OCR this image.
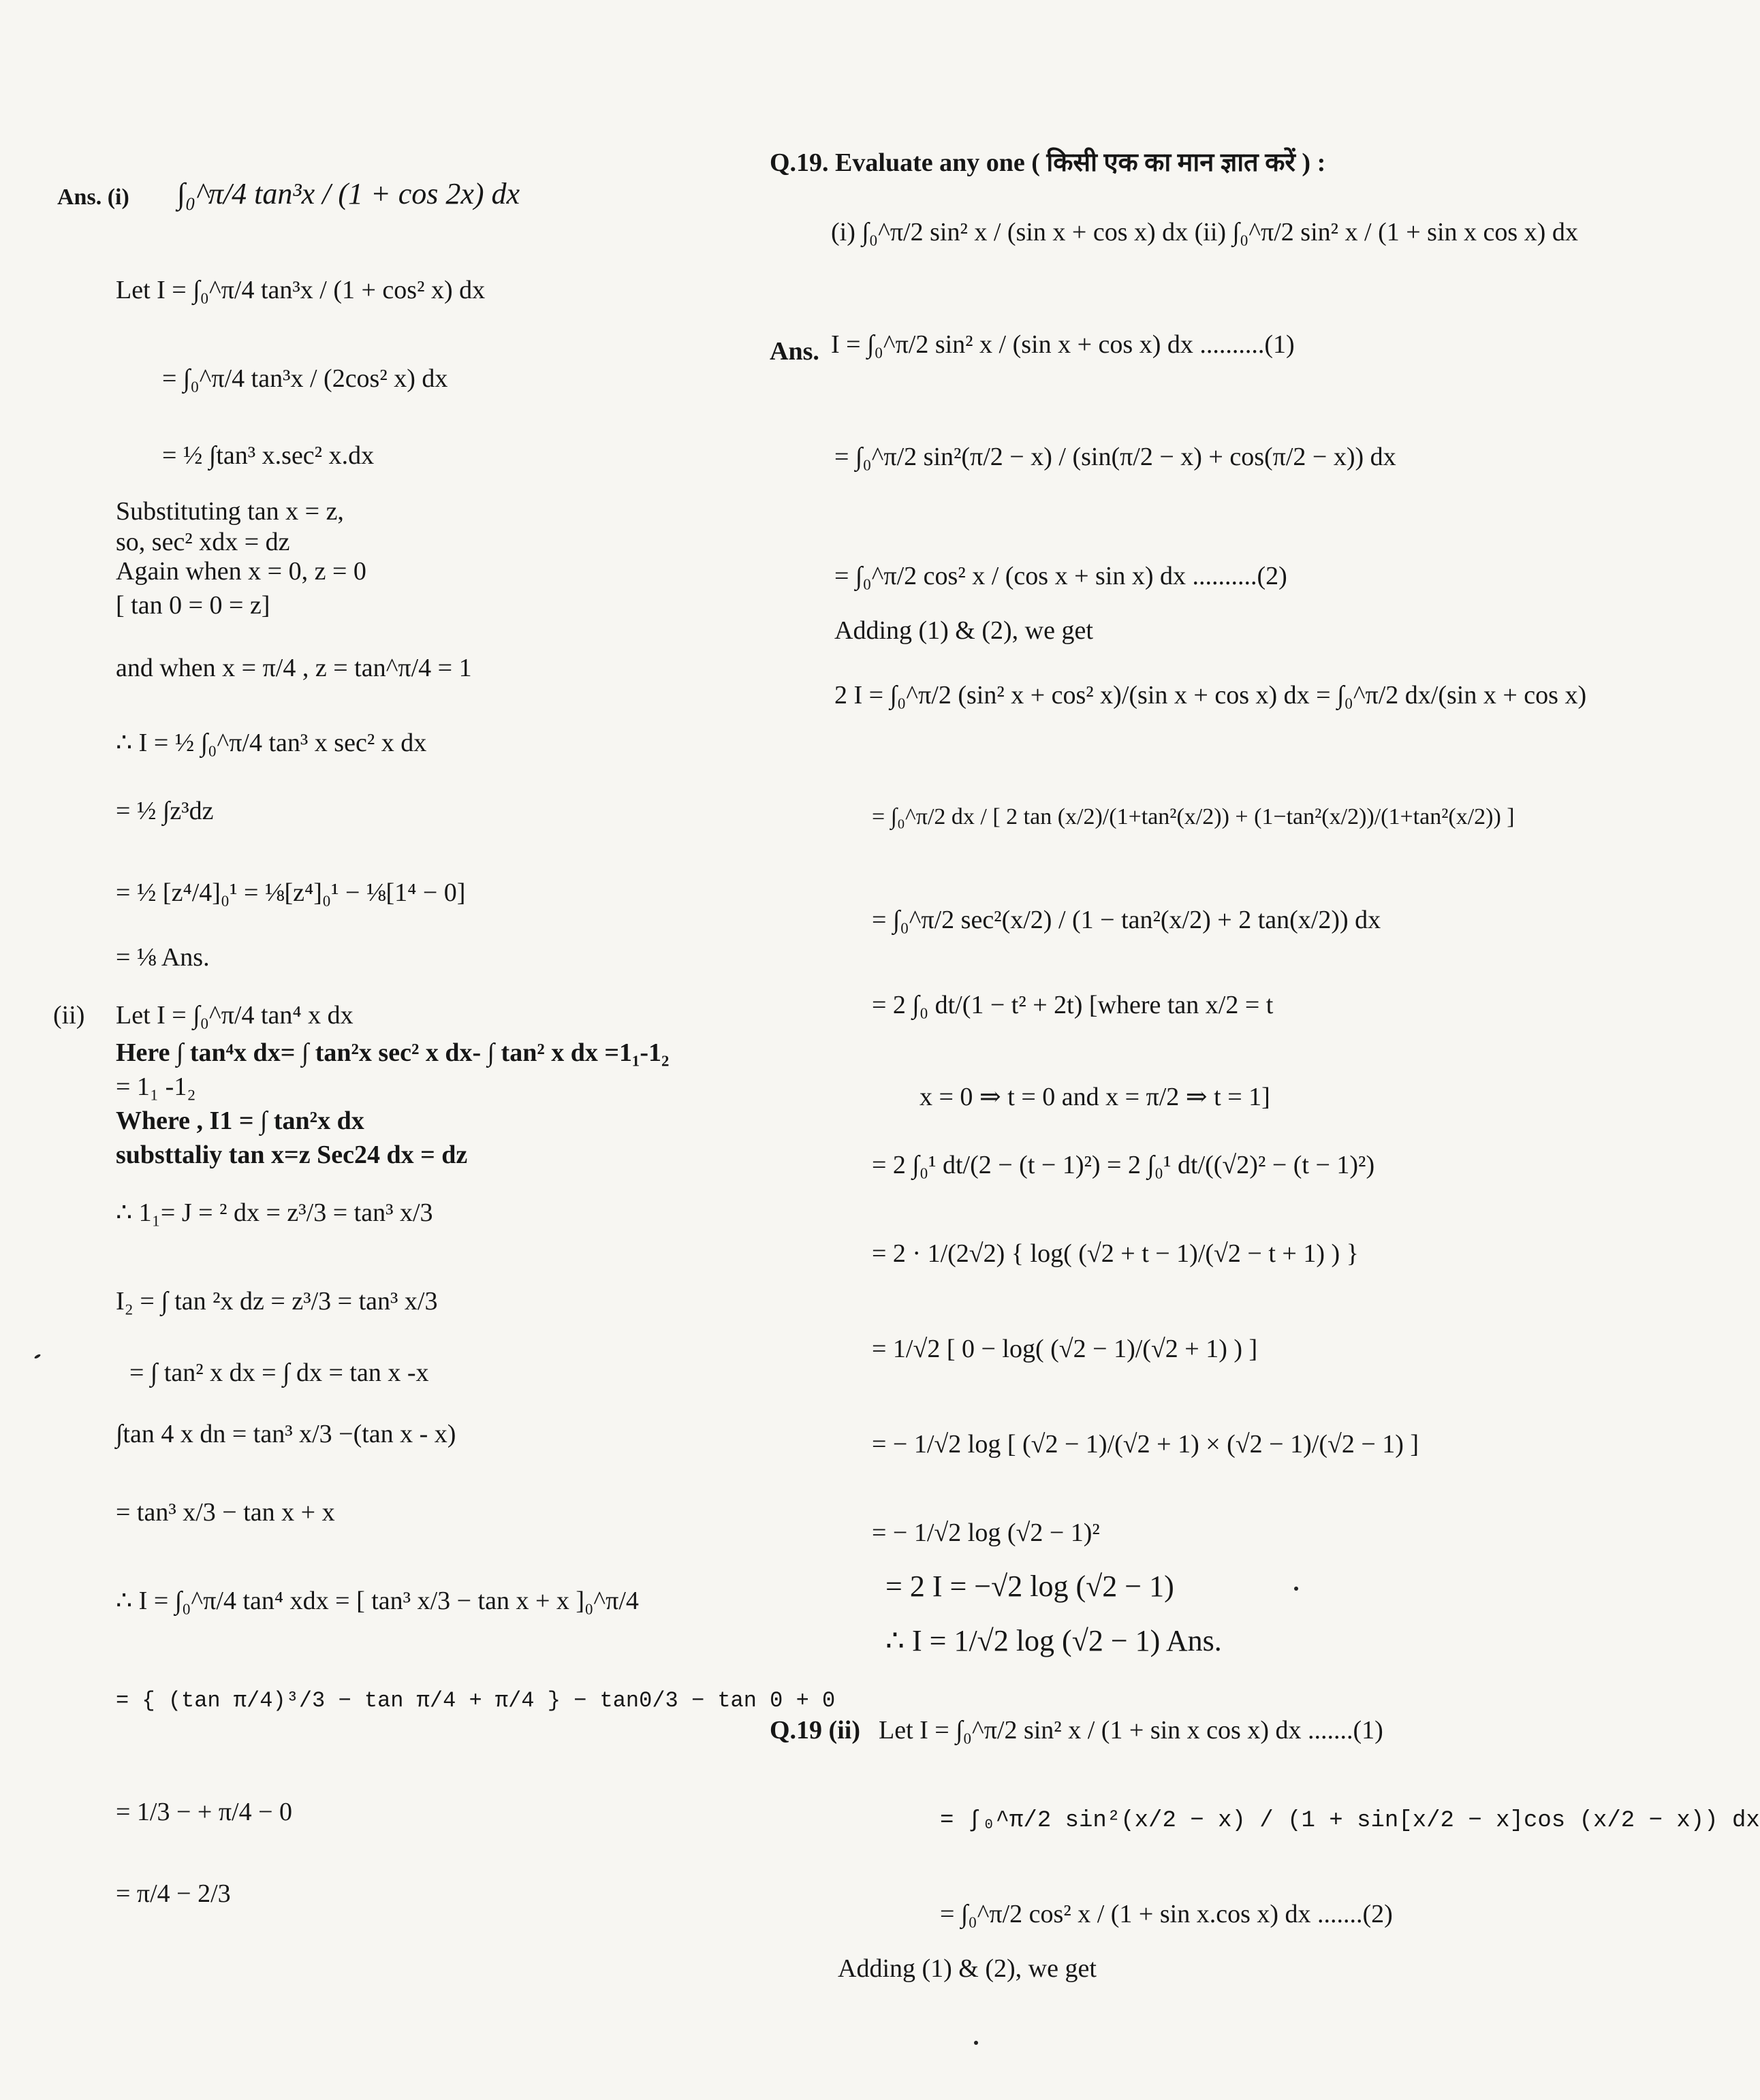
Ans. (i) ∫₀^π/4 tan³x / (1 + cos 2x) dx
Let I = ∫₀^π/4 tan³x / (1 + cos² x) dx
= ∫₀^π/4 tan³x / (2cos² x) dx
= ½ ∫tan³ x.sec² x.dx
Substituting tan x = z,
so, sec² xdx = dz
Again when x = 0, z = 0
[ tan 0 = 0 = z]
and when x = π/4 , z = tan^π/4 = 1
∴ I = ½ ∫₀^π/4 tan³ x sec² x dx
= ½ ∫z³dz
= ½ [z⁴/4]₀¹ = ⅛[z⁴]₀¹ − ⅛[1⁴ − 0]
= ⅛ Ans.
(ii) Let I = ∫₀^π/4 tan⁴ x dx
Here ∫ tan⁴x dx= ∫ tan²x sec² x dx- ∫ tan² x dx =1₁-1₂
= 1₁ -1₂
Where , I1 = ∫ tan²x dx
substtaliy tan x=z Sec24 dx = dz
∴ 1₁= J = ² dx = z³/3 = tan³ x/3
I₂ = ∫ tan ²x dz = z³/3 = tan³ x/3
= ∫ tan² x dx = ∫ dx = tan x -x
∫tan 4 x dn = tan³ x/3 −(tan x - x)
= tan³ x/3 − tan x + x
∴ I = ∫₀^π/4 tan⁴ xdx = [ tan³ x/3 − tan x + x ]₀^π/4
= { (tan π/4)³/3 − tan π/4 + π/4 } − tan0/3 − tan 0 + 0
= 1/3 − + π/4 − 0
= π/4 − 2/3
Q.19. Evaluate any one ( किसी एक का मान ज्ञात करें ) :
(i) ∫₀^π/2 sin² x / (sin x + cos x) dx (ii) ∫₀^π/2 sin² x / (1 + sin x cos x) dx
Ans. I = ∫₀^π/2 sin² x / (sin x + cos x) dx ..........(1)
= ∫₀^π/2 sin²(π/2 − x) / (sin(π/2 − x) + cos(π/2 − x)) dx
= ∫₀^π/2 cos² x / (cos x + sin x) dx ..........(2)
Adding (1) & (2), we get
2 I = ∫₀^π/2 (sin² x + cos² x)/(sin x + cos x) dx = ∫₀^π/2 dx/(sin x + cos x)
= ∫₀^π/2 dx / [ 2 tan (x/2)/(1+tan²(x/2)) + (1−tan²(x/2))/(1+tan²(x/2)) ]
= ∫₀^π/2 sec²(x/2) / (1 − tan²(x/2) + 2 tan(x/2)) dx
= 2 ∫₀ dt/(1 − t² + 2t) [where tan x/2 = t
x = 0 ⇒ t = 0 and x = π/2 ⇒ t = 1]
= 2 ∫₀¹ dt/(2 − (t − 1)²) = 2 ∫₀¹ dt/((√2)² − (t − 1)²)
= 2 · 1/(2√2) { log( (√2 + t − 1)/(√2 − t + 1) ) }
= 1/√2 [ 0 − log( (√2 − 1)/(√2 + 1) ) ]
= − 1/√2 log [ (√2 − 1)/(√2 + 1) × (√2 − 1)/(√2 − 1) ]
= − 1/√2 log (√2 − 1)²
= 2 I = −√2 log (√2 − 1)
∴ I = 1/√2 log (√2 − 1) Ans.
Q.19 (ii) Let I = ∫₀^π/2 sin² x / (1 + sin x cos x) dx .......(1)
= ∫₀^π/2 sin²(x/2 − x) / (1 + sin[x/2 − x]cos (x/2 − x)) dx
= ∫₀^π/2 cos² x / (1 + sin x.cos x) dx .......(2)
Adding (1) & (2), we get
